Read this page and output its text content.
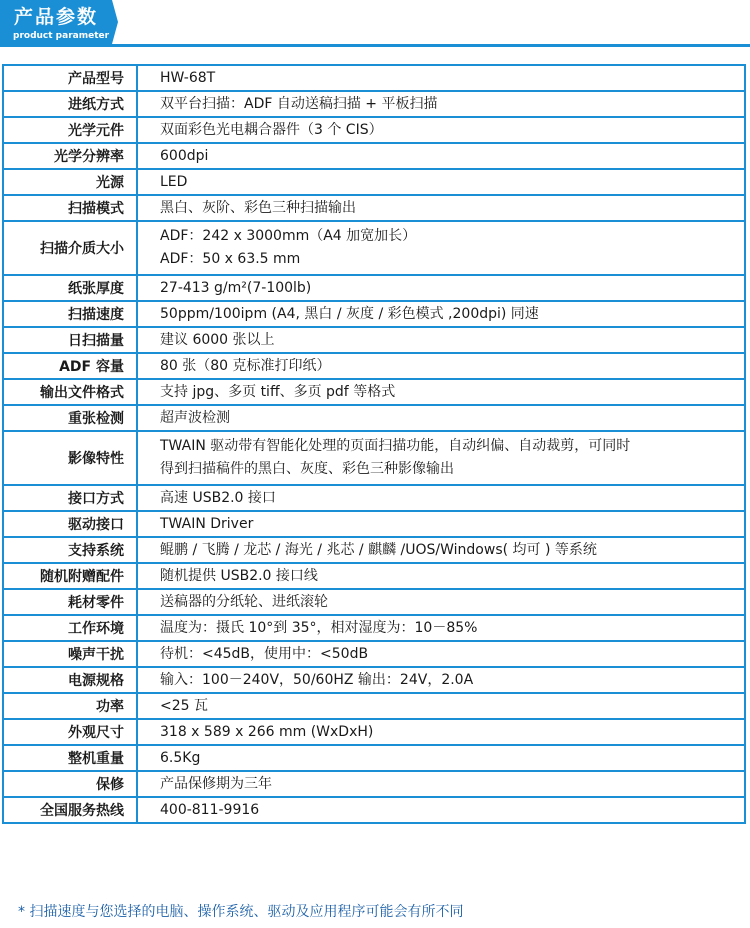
产品参数
product parameter
产品型号	HW-68T

进纸方式	双平台扫描：ADF 自动送稿扫描 + 平板扫描

光学元件	双面彩色光电耦合器件（3 个 CIS）

光学分辨率	600dpi

光源	LED

扫描模式	黑白、灰阶、彩色三种扫描输出

扫描介质大小	ADF：242 x 3000mm（A4 加宽加长）
ADF：50 x 63.5 mm

纸张厚度	27-413 g/m²(7-100lb)

扫描速度	50ppm/100ipm (A4, 黑白 / 灰度 / 彩色模式 ,200dpi) 同速

日扫描量	建议 6000 张以上

ADF 容量	80 张（80 克标准打印纸）

输出文件格式	支持 jpg、多页 tiff、多页 pdf 等格式

重张检测	超声波检测

影像特性	TWAIN 驱动带有智能化处理的页面扫描功能，自动纠偏、自动裁剪，可同时
得到扫描稿件的黑白、灰度、彩色三种影像输出

接口方式	高速 USB2.0 接口

驱动接口	TWAIN Driver

支持系统	鲲鹏 / 飞腾 / 龙芯 / 海光 / 兆芯 / 麒麟 /UOS/Windows( 均可 ) 等系统

随机附赠配件	随机提供 USB2.0 接口线

耗材零件	送稿器的分纸轮、进纸滚轮

工作环境	温度为：摄氏 10°到 35°，相对湿度为：10－85%

噪声干扰	待机：<45dB，使用中：<50dB

电源规格	输入：100－240V，50/60HZ 输出：24V，2.0A

功率	<25 瓦

外观尺寸	318 x 589 x 266 mm (WxDxH)

整机重量	6.5Kg

保修	产品保修期为三年

全国服务热线	400-811-9916
* 扫描速度与您选择的电脑、操作系统、驱动及应用程序可能会有所不同
